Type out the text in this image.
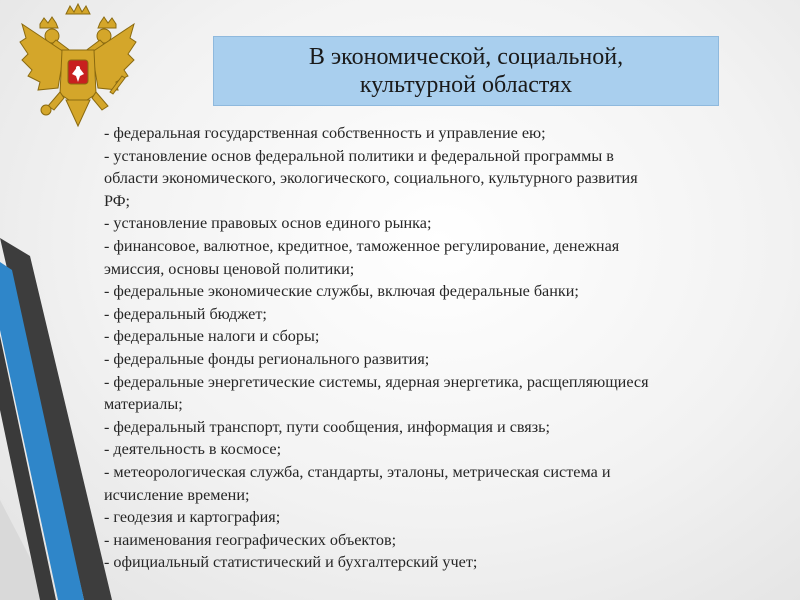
В экономической, социальной,
культурной областях

- федеральная государственная собственность и управление ею;

- установление основ федеральной политики и федеральной программы в

области экономического, экологического, социального, культурного развития

РФ;

- установление правовых основ единого рынка;

- финансовое, валютное, кредитное, таможенное регулирование, денежная

эмиссия, основы ценовой политики;

- федеральные экономические службы, включая федеральные банки;

- федеральный бюджет;

- федеральные налоги и сборы;

- федеральные фонды регионального развития;

- федеральные энергетические системы, ядерная энергетика, расщепляющиеся

материалы;

- федеральный транспорт, пути сообщения, информация и связь;

- деятельность в космосе;

- метеорологическая служба, стандарты, эталоны, метрическая система и

исчисление времени;

- геодезия и картография;

- наименования географических объектов;

- официальный статистический и бухгалтерский учет;
